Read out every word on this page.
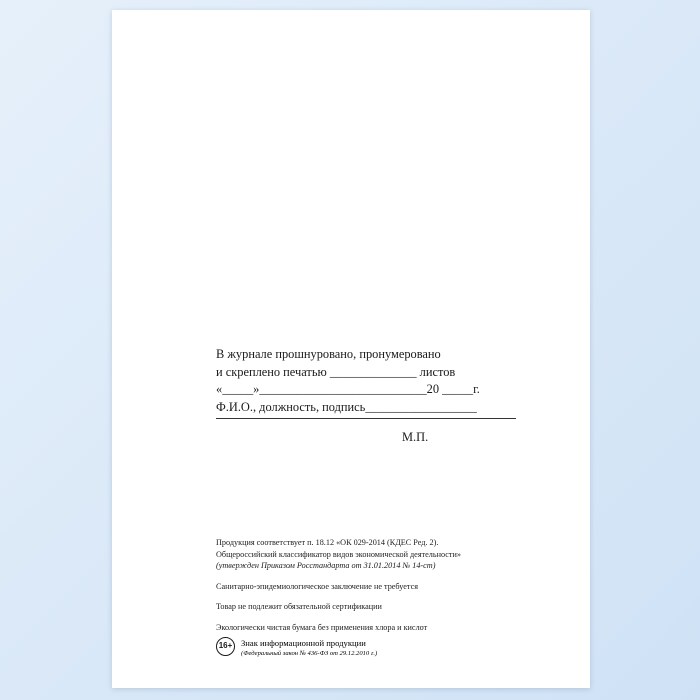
В журнале прошнуровано, пронумеровано
и скреплено печатью ______________ листов
«_____»___________________________20 _____г.
Ф.И.О., должность, подпись__________________
М.П.
Продукция соответствует п. 18.12 «ОК 029-2014 (КДЕС Ред. 2).
Общероссийский классификатор видов экономической деятельности»
(утвержден Приказом Росстандарта от 31.01.2014 № 14-ст)
Санитарно-эпидемиологическое заключение не требуется
Товар не подлежит обязательной сертификации
Экологически чистая бумага без применения хлора и кислот
16+	Знак информационной продукции
(Федеральный закон № 436-ФЗ от 29.12.2010 г.)
